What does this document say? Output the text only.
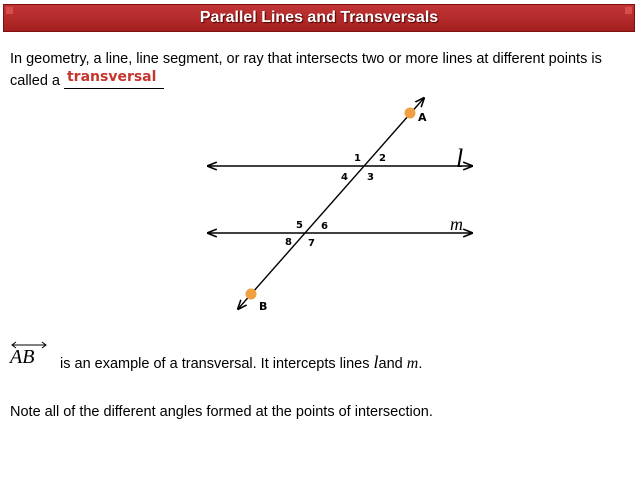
Parallel Lines and Transversals
In geometry, a line, line segment, or ray that intersects two or more lines at different points is called a transversal
A
B
l
m
1 2
3
4
5 6
7
8
AB is an example of a transversal. It intercepts lines land m.
Note all of the different angles formed at the points of intersection.
